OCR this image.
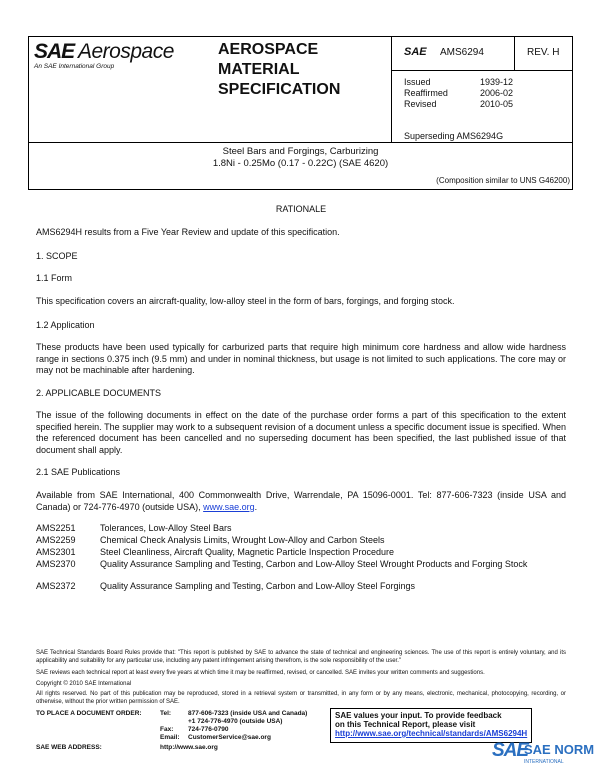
SAE Aerospace
An SAE International Group
AEROSPACE
MATERIAL
SPECIFICATION
SAE AMS6294	REV. H
Issued	1939-12
Reaffirmed	2006-02
Revised	2010-05
Superseding AMS6294G
Steel Bars and Forgings, Carburizing
1.8Ni - 0.25Mo (0.17 - 0.22C) (SAE 4620)
(Composition similar to UNS G46200)
RATIONALE
AMS6294H results from a Five Year Review and update of this specification.
1. SCOPE
1.1 Form
This specification covers an aircraft-quality, low-alloy steel in the form of bars, forgings, and forging stock.
1.2 Application
These products have been used typically for carburized parts that require high minimum core hardness and allow wide hardness range in sections 0.375 inch (9.5 mm) and under in nominal thickness, but usage is not limited to such applications. The core may or may not be machinable after hardening.
2. APPLICABLE DOCUMENTS
The issue of the following documents in effect on the date of the purchase order forms a part of this specification to the extent specified herein. The supplier may work to a subsequent revision of a document unless a specific document issue is specified. When the referenced document has been cancelled and no superseding document has been specified, the last published issue of that document shall apply.
2.1 SAE Publications
Available from SAE International, 400 Commonwealth Drive, Warrendale, PA 15096-0001. Tel: 877-606-7323 (inside USA and Canada) or 724-776-4970 (outside USA), www.sae.org.
AMS2251	Tolerances, Low-Alloy Steel Bars
AMS2259	Chemical Check Analysis Limits, Wrought Low-Alloy and Carbon Steels
AMS2301	Steel Cleanliness, Aircraft Quality, Magnetic Particle Inspection Procedure
AMS2370	Quality Assurance Sampling and Testing, Carbon and Low-Alloy Steel Wrought Products and Forging Stock
AMS2372	Quality Assurance Sampling and Testing, Carbon and Low-Alloy Steel Forgings
SAE Technical Standards Board Rules provide that: "This report is published by SAE to advance the state of technical and engineering sciences. The use of this report is entirely voluntary, and its applicability and suitability for any particular use, including any patent infringement arising therefrom, is the sole responsibility of the user."
SAE reviews each technical report at least every five years at which time it may be reaffirmed, revised, or cancelled. SAE invites your written comments and suggestions.
Copyright © 2010 SAE International
All rights reserved. No part of this publication may be reproduced, stored in a retrieval system or transmitted, in any form or by any means, electronic, mechanical, photocopying, recording, or otherwise, without the prior written permission of SAE.
TO PLACE A DOCUMENT ORDER:	Tel:	877-606-7323 (inside USA and Canada)
+1 724-776-4970 (outside USA)
Fax: 724-776-0790
Email: CustomerService@sae.org
SAE WEB ADDRESS:	http://www.sae.org
SAE values your input. To provide feedback
on this Technical Report, please visit
http://www.sae.org/technical/standards/AMS6294H
SAE
SAE NORM
INTERNATIONAL
